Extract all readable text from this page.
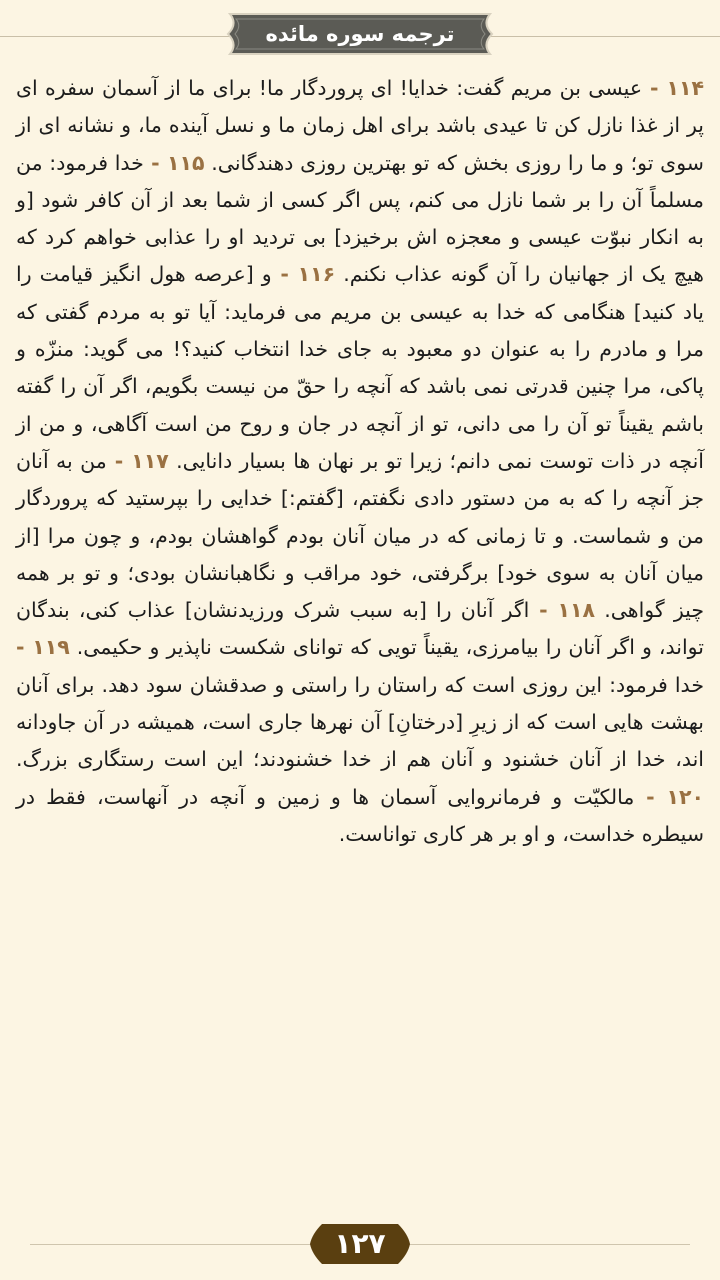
ترجمه سوره مائده
۱۱۴ - عیسی بن مریم گفت: خدایا! ای پروردگار ما! برای ما از آسمان سفره ای پر از غذا نازل کن تا عیدی باشد برای اهل زمان ما و نسل آینده ما، و نشانه ای از سوی تو؛ و ما را روزی بخش که تو بهترین روزی دهندگانی. ۱۱۵ - خدا فرمود: من مسلماً آن را بر شما نازل می کنم، پس اگر کسی از شما بعد از آن کافر شود [و به انکار نبوّت عیسی و معجزه اش برخیزد] بی تردید او را عذابی خواهم کرد که هیچ یک از جهانیان را آن گونه عذاب نکنم. ۱۱۶ - و [عرصه هول انگیز قیامت را یاد کنید] هنگامی که خدا به عیسی بن مریم می فرماید: آیا تو به مردم گفتی که مرا و مادرم را به عنوان دو معبود به جای خدا انتخاب کنید؟! می گوید: منزّه و پاکی، مرا چنین قدرتی نمی باشد که آنچه را حقّ من نیست بگویم، اگر آن را گفته باشم یقیناً تو آن را می دانی، تو از آنچه در جان و روح من است آگاهی، و من از آنچه در ذات توست نمی دانم؛ زیرا تو بر نهان ها بسیار دانایی. ۱۱۷ - من به آنان جز آنچه را که به من دستور دادی نگفتم، [گفتم:] خدایی را بپرستید که پروردگار من و شماست. و تا زمانی که در میان آنان بودم گواهشان بودم، و چون مرا [از میان آنان به سوی خود] برگرفتی، خود مراقب و نگاهبانشان بودی؛ و تو بر همه چیز گواهی. ۱۱۸ - اگر آنان را [به سبب شرک ورزیدنشان] عذاب کنی، بندگان تواند، و اگر آنان را بیامرزی، یقیناً تویی که توانای شکست ناپذیر و حکیمی. ۱۱۹ - خدا فرمود: این روزی است که راستان را راستی و صدقشان سود دهد. برای آنان بهشت هایی است که از زیرِ [درختانِ] آن نهرها جاری است، همیشه در آن جاودانه اند، خدا از آنان خشنود و آنان هم از خدا خشنودند؛ این است رستگاری بزرگ. ۱۲۰ - مالکیّت و فرمانروایی آسمان ها و زمین و آنچه در آنهاست، فقط در سیطره خداست، و او بر هر کاری تواناست.
۱۲۷
